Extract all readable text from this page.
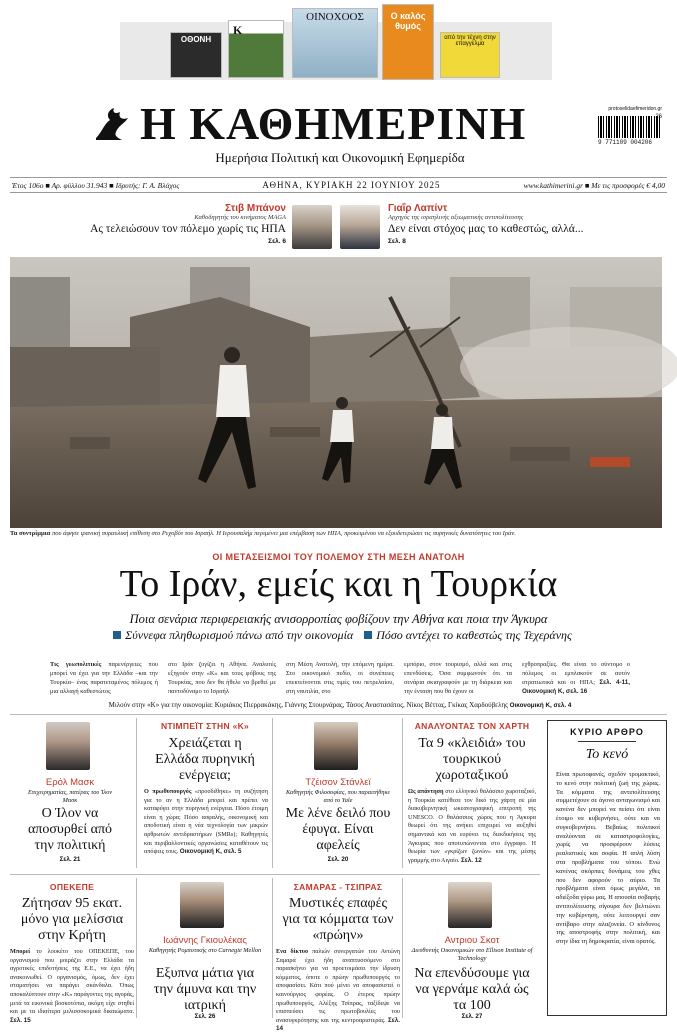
ΟΘΟΝΗ
K
ΟΙΝΟΧΟΟΣ	Ο καλός θυμός
από την τέχνη στην επαγγελμα
Η ΚΑΘΗΜΕΡΙΝΗ
Ημερήσια Πολιτική και Οικονομική Εφημερίδα
protoselidaefimeridon.gr
9 771109 004206
26
Έτος 106ο ■ Αρ. φύλλου 31.943 ■ Ιδρυτής: Γ. Α. Βλάχος	ΑΘΗΝΑ, ΚΥΡΙΑΚΗ 22 ΙΟΥΝΙΟΥ 2025	www.kathimerini.gr ■ Με τις προσφορές € 4,00
Στιβ Μπάνον
Καθοδηγητής του κινήματος MAGA
Ας τελειώσουν τον πόλεμο χωρίς τις ΗΠΑ
Σελ. 6
Γιαΐρ Λαπίντ
Αρχηγός της ισραηλινής αξιωματικής αντιπολίτευσης
Δεν είναι στόχος μας το καθεστώς, αλλά...
Σελ. 8
Τα συντρίμμια που άφησε ιρανική πυραυλική επίθεση στο Ρεχοβότ του Ισραήλ. Η Ιερουσαλήμ περιμένει μια επέμβαση των ΗΠΑ, προκειμένου να εξουδετερώσει τις πυρηνικές δυνατότητες του Ιράν.
ΟΙ ΜΕΤΑΣΕΙΣΜΟΙ ΤΟΥ ΠΟΛΕΜΟΥ ΣΤΗ ΜΕΣΗ ΑΝΑΤΟΛΗ
Το Ιράν, εμείς και η Τουρκία
Ποια σενάρια περιφερειακής ανισορροπίας φοβίζουν την Αθήνα και ποια την Άγκυρα
Σύννεφα πληθωρισμού πάνω από την οικονομία Πόσο αντέχει το καθεστώς της Τεχεράνης
Τις γεωπολιτικές παρενέργειες που μπορεί να έχει για την Ελλάδα –και την Τουρκία– ένας παρατεταμένος πόλεμος ή μια αλλαγή καθεστώτος
στο Ιράν ζυγίζει η Αθήνα. Αναλυτές εξηγούν στην «Κ» και τους φόβους της Τουρκίας, που δεν θα ήθελε να βρεθεί με παντοδύναμο το Ισραήλ
στη Μέση Ανατολή, την επόμενη ημέρα. Στο οικονομικό πεδίο, οι συνέπειες επεκτείνονται στις τιμές του πετρελαίου, στη ναυτιλία, στο
εμπόριο, στον τουρισμό, αλλά και στις επενδύσεις. Όσα συμφωνούν ότι τα σενάρια σκιαγραφούν με τη διάρκεια και την ένταση που θα έχουν οι
εχθροπραξίες. Θα είναι το σύντομο ο πόλεμος οι εμπλακούν σε αυτόν στρατιωτικά και οι ΗΠΑ; Σελ. 4-11, Οικονομική Κ, σελ. 16
Μιλούν στην «Κ» για την οικονομία: Κυριάκος Πιερρακάκης, Γιάννης Στουρνάρας, Τάσος Αναστασάτος, Νίκος Βέττας, Γκίκας Χαρδούβελης Οικονομική Κ, σελ. 4
Ερόλ Μασκ
Επιχειρηματίας, πατέρας του Ίλον Μασκ
Ο Ίλον να αποσυρθεί από την πολιτική
Σελ. 21
ΝΤΙΜΠΕΪΤ ΣΤΗΝ «Κ»
Χρειάζεται η Ελλάδα πυρηνική ενέργεια;
Ο πρωθυπουργός «προσδέθηκε» τη συζήτηση για το αν η Ελλάδα μπορεί και πρέπει να καταφύγει στην πυρηνική ενέργεια. Πόσο έτοιμη είναι η χώρα; Πόσο ασφαλής, οικονομική και αποδοτική είναι η νέα τεχνολογία των μικρών αρθρωτών αντιδραστήρων (SMRs); Καθηγητές και περιβαλλοντικές οργανώσεις καταθέτουν τις απόψεις τους. Οικονομική Κ, σελ. 5
Τζέισον Στάνλεϊ
Καθηγητής Φιλοσοφίας, που παραιτήθηκε από το Yale
Με λένε δειλό που έφυγα. Είναι αφελείς
Σελ. 20
ΑΝΑΛΥΟΝΤΑΣ ΤΟΝ ΧΑΡΤΗ
Τα 9 «κλειδιά» του τουρκικού χωροταξικού
Ως απάντηση στο ελληνικό θαλάσσιο χωροταξικό, η Τουρκία κατέθεσε τον δικό της χάρτη σε μία διακυβερνητική ωκεανογραφική επιτροπή της UNESCO. Ο θαλάσσιος χώρος που η Άγκυρα θεωρεί ότι της ανήκει επιχειρεί να αυξηθεί σημαντικά και να ευρύνει τις διεκδικήσεις της Άγκυρας που αποτυπώνονται στο έγγραφο. Η θεωρία των «γκρίζων ζωνών» και της μέσης γραμμής στο Αιγαίο. Σελ. 12
ΟΠΕΚΕΠΕ
Ζήτησαν 95 εκατ. μόνο για μελίσσια στην Κρήτη
Μπορεί το λουκέτο του ΟΠΕΚΕΠΕ, του οργανισμού που μοιράζει στην Ελλάδα τα αγροτικές επιδοτήσεις της Ε.Ε., να έχει ήδη ανακοινωθεί. Ο οργανισμός, όμως, δεν έχει σταματήσει να παράγει σκάνδαλα. Όπως αποκαλύπτουν στην «Κ» παράγοντες της αγοράς, μετά τα εικονικά βοσκοτόπια, ακόμη είχε στηθεί και με τα ιδιαίτερα μελισσοκομικά δικαιώματα. Σελ. 15
Ιωάννης Γκιουλέκας
Καθηγητής Ρομποτικής στο Carnegie Mellon
Εξυπνα μάτια για την άμυνα και την ιατρική
Σελ. 26
ΣΑΜΑΡΑΣ - ΤΣΙΠΡΑΣ
Μυστικές επαφές για τα κόμματα των «πρώην»
Ενα δίκτυο παλιών συνεργατών του Αντώνη Σαμαρά έχει ήδη αναπτυσσόμενο στο παρασκήνιο για να προετοιμάσει την ίδρυση κόμματος, όποτε ο πρώην πρωθυπουργός το αποφασίσει. Κάτι πού μένει να αποφασιστεί ο καινούργιος φορέας. Ο έτερος πρώην πρωθυπουργός, Αλέξης Τσίπρας, ταξίδεψε να επισπεύσει τις πρωτοβουλίες του ανασυγκρότησης και της κεντροαριστεράς. Σελ. 14
Αντριου Σκοτ
Διευθυντής Οικονομικών στο Ellison Institute of Technology
Να επενδύσουμε για να γερνάμε καλά ώς τα 100
Σελ. 27
ΚΥΡΙΟ ΑΡΘΡΟ
Το κενό
Είναι πρωτοφανές, σχεδόν τρομακτικό, το κενό στην πολιτική ζωή της χώρας. Τα κόμματα της αντιπολίτευσης συμμετέχουν σε άγονο ανταγωνισμό και κανένα δεν μπορεί να πείσει ότι είναι έτοιμο να κυβερνήσει, ούτε και να συγκυβερνήσει. Βεβαίως πολιτικοί αναλύονται σε καταστροφολογίες, χωρίς να προσφέρουν λύσεις ρεαλιστικές και σοφία. Η απλή λύση στα προβλήματα του τόπου. Ενώ κανένας σκόρπιες δυνάμεις του χθες που δεν αφορούν το αύριο. Τα προβλήματα είναι όμως μεγάλα, τα αδιέξοδα γύρω μας. Η απουσία σοβαρής αντιπολίτευσης σίγουρα δεν βελτιώνει την κυβέρνηση, ούτε λειτουργεί σαν αντίβαρο στην αλαζονεία. Ο κίνδυνος της αποστροφής στην πολιτική, και στην ίδια τη δημοκρατία, είναι ορατός.
